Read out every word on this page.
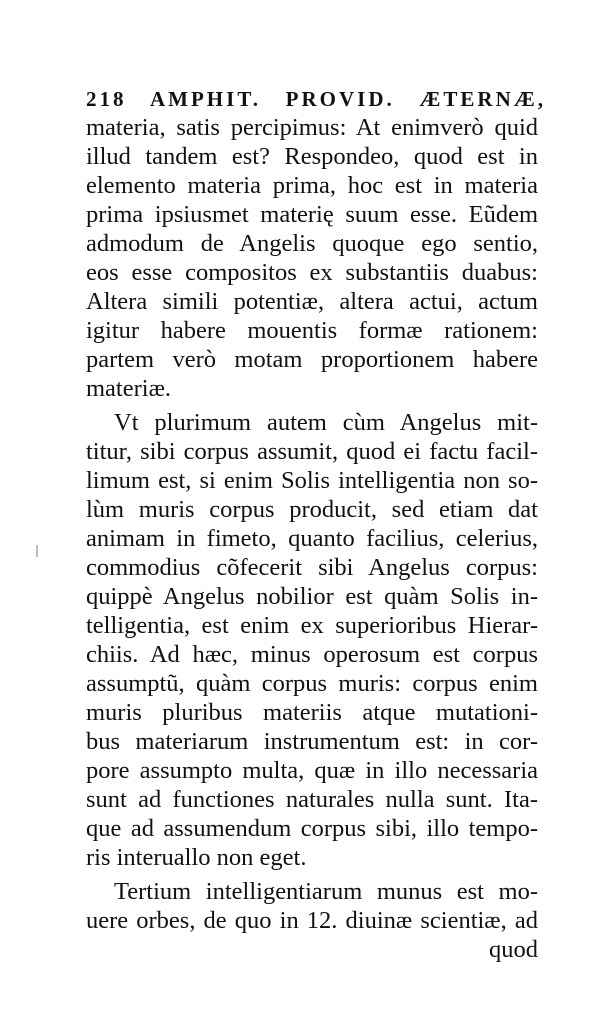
218 AMPHIT. PROVID. ÆTERNÆ,
materia, satis percipimus: At enimverò quid
illud tandem est? Respondeo, quod est in
elemento materia prima, hoc est in materia
prima ipsiusmet materię suum esse. Eũdem
admodum de Angelis quoque ego sentio,
eos esse compositos ex substantiis duabus:
Altera simili potentiæ, altera actui, actum
igitur habere mouentis formæ rationem:
partem verò motam proportionem habere
materiæ.
Vt plurimum autem cùm Angelus mit-
titur, sibi corpus assumit, quod ei factu facil-
limum est, si enim Solis intelligentia non so-
lùm muris corpus producit, sed etiam dat
animam in fimeto, quanto facilius, celerius,
commodius cõfecerit sibi Angelus corpus:
quippè Angelus nobilior est quàm Solis in-
telligentia, est enim ex superioribus Hierar-
chiis. Ad hæc, minus operosum est corpus
assumptũ, quàm corpus muris: corpus enim
muris pluribus materiis atque mutationi-
bus materiarum instrumentum est: in cor-
pore assumpto multa, quæ in illo necessaria
sunt ad functiones naturales nulla sunt. Ita-
que ad assumendum corpus sibi, illo tempo-
ris interuallo non eget.
Tertium intelligentiarum munus est mo-
uere orbes, de quo in 12. diuinæ scientiæ, ad
quod
